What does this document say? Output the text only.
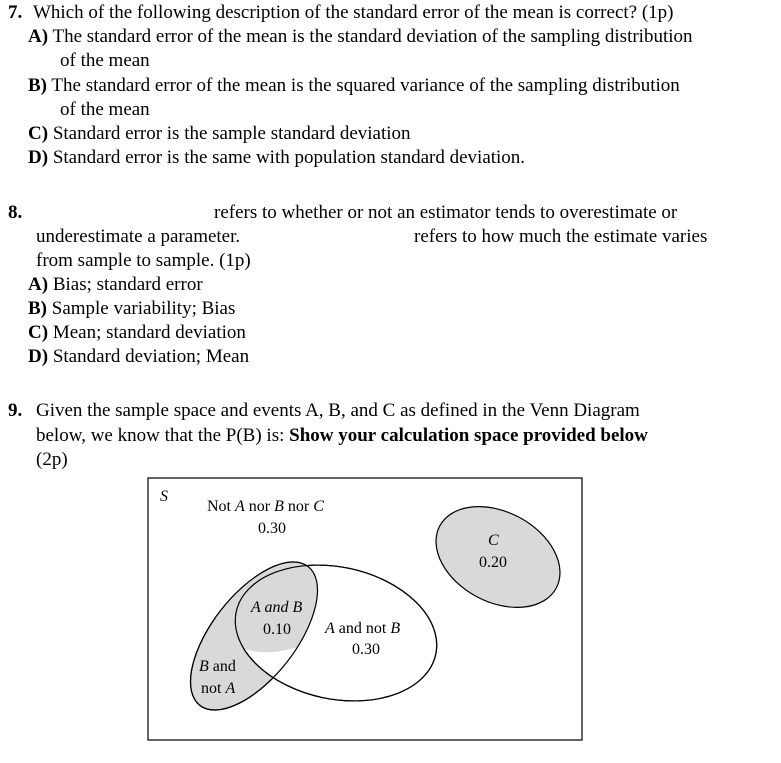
7. Which of the following description of the standard error of the mean is correct? (1p)
A) The standard error of the mean is the standard deviation of the sampling distribution
of the mean
B) The standard error of the mean is the squared variance of the sampling distribution
of the mean
C) Standard error is the sample standard deviation
D) Standard error is the same with population standard deviation.
8.	refers to whether or not an estimator tends to overestimate or
underestimate a parameter.	refers to how much the estimate varies
from sample to sample. (1p)
A) Bias; standard error
B) Sample variability; Bias
C) Mean; standard deviation
D) Standard deviation; Mean
9. Given the sample space and events A, B, and C as defined in the Venn Diagram
below, we know that the P(B) is: Show your calculation space provided below
(2p)
S
Not A nor B nor C
0.30
C
0.20
A and B
0.10 A and not B
0.30
B and
not A
